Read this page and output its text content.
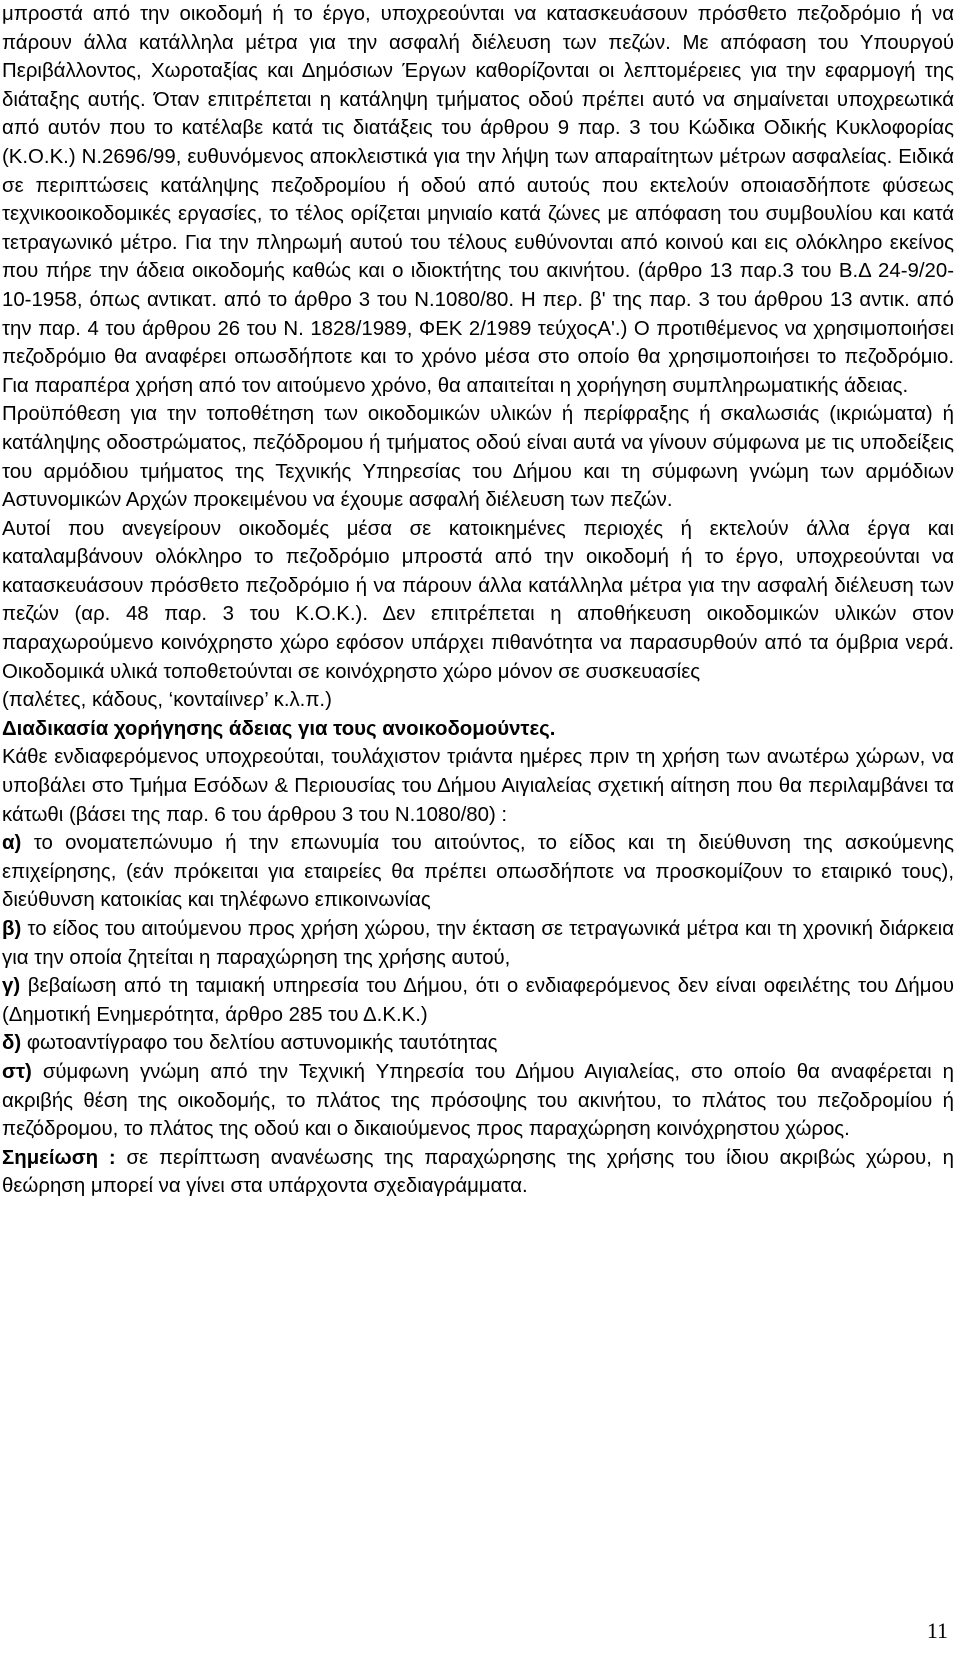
μπροστά από την οικοδομή ή το έργο, υποχρεούνται να κατασκευάσουν πρόσθετο πεζοδρόμιο ή να πάρουν άλλα κατάλληλα μέτρα για την ασφαλή διέλευση των πεζών. Με απόφαση του Υπουργού Περιβάλλοντος, Χωροταξίας και Δημόσιων Έργων καθορίζονται οι λεπτομέρειες για την εφαρμογή της διάταξης αυτής. Όταν επιτρέπεται η κατάληψη τμήματος οδού πρέπει αυτό να σημαίνεται υποχρεωτικά από αυτόν που το κατέλαβε κατά τις διατάξεις του άρθρου 9 παρ. 3 του Κώδικα Οδικής Κυκλοφορίας (Κ.Ο.Κ.) Ν.2696/99, ευθυνόμενος αποκλειστικά για την λήψη των απαραίτητων μέτρων ασφαλείας. Ειδικά σε περιπτώσεις κατάληψης πεζοδρομίου ή οδού από αυτούς που εκτελούν οποιασδήποτε φύσεως τεχνικοοικοδομικές εργασίες, το τέλος ορίζεται μηνιαίο κατά ζώνες με απόφαση του συμβουλίου και κατά τετραγωνικό μέτρο. Για την πληρωμή αυτού του τέλους ευθύνονται από κοινού και εις ολόκληρο εκείνος που πήρε την άδεια οικοδομής καθώς και ο ιδιοκτήτης του ακινήτου. (άρθρο 13 παρ.3 του Β.Δ 24-9/20-10-1958, όπως αντικατ. από το άρθρο 3 του Ν.1080/80. Η περ. β' της παρ. 3 του άρθρου 13 αντικ. από την παρ. 4 του άρθρου 26 του Ν. 1828/1989, ΦΕΚ 2/1989 τεύχοςΑ'.) Ο προτιθέμενος να χρησιμοποιήσει πεζοδρόμιο θα αναφέρει οπωσδήποτε και το χρόνο μέσα στο οποίο θα χρησιμοποιήσει το πεζοδρόμιο. Για παραπέρα χρήση από τον αιτούμενο χρόνο, θα απαιτείται η χορήγηση συμπληρωματικής άδειας.

Προϋπόθεση για την τοποθέτηση των οικοδομικών υλικών ή περίφραξης ή σκαλωσιάς (ικριώματα) ή κατάληψης οδοστρώματος, πεζόδρομου ή τμήματος οδού είναι αυτά να γίνουν σύμφωνα με τις υποδείξεις του αρμόδιου τμήματος της Τεχνικής Υπηρεσίας του Δήμου και τη σύμφωνη γνώμη των αρμόδιων Αστυνομικών Αρχών προκειμένου να έχουμε ασφαλή διέλευση των πεζών.

Αυτοί που ανεγείρουν οικοδομές μέσα σε κατοικημένες περιοχές ή εκτελούν άλλα έργα και καταλαμβάνουν ολόκληρο το πεζοδρόμιο μπροστά από την οικοδομή ή το έργο, υποχρεούνται να κατασκευάσουν πρόσθετο πεζοδρόμιο ή να πάρουν άλλα κατάλληλα μέτρα για την ασφαλή διέλευση των πεζών (αρ. 48 παρ. 3 του Κ.Ο.Κ.). Δεν επιτρέπεται η αποθήκευση οικοδομικών υλικών στον παραχωρούμενο κοινόχρηστο χώρο εφόσον υπάρχει πιθανότητα να παρασυρθούν από τα όμβρια νερά. Οικοδομικά υλικά τοποθετούνται σε κοινόχρηστο χώρο μόνον σε συσκευασίες

(παλέτες, κάδους, ‘κονταίινερ’ κ.λ.π.)

Διαδικασία χορήγησης άδειας για τους ανοικοδομούντες.

Κάθε ενδιαφερόμενος υποχρεούται, τουλάχιστον τριάντα ημέρες πριν τη χρήση των ανωτέρω χώρων, να υποβάλει στο Τμήμα Εσόδων & Περιουσίας του Δήμου Αιγιαλείας σχετική αίτηση που θα περιλαμβάνει τα κάτωθι (βάσει της παρ. 6 του άρθρου 3 του Ν.1080/80) :

α) το ονοματεπώνυμο ή την επωνυμία του αιτούντος, το είδος και τη διεύθυνση της ασκούμενης επιχείρησης, (εάν πρόκειται για εταιρείες θα πρέπει οπωσδήποτε να προσκομίζουν το εταιρικό τους), διεύθυνση κατοικίας και τηλέφωνο επικοινωνίας

β) το είδος του αιτούμενου προς χρήση χώρου, την έκταση σε τετραγωνικά μέτρα και τη χρονική διάρκεια για την οποία ζητείται η παραχώρηση της χρήσης αυτού,

γ) βεβαίωση από τη ταμιακή υπηρεσία του Δήμου, ότι ο ενδιαφερόμενος δεν είναι οφειλέτης του Δήμου (Δημοτική Ενημερότητα, άρθρο 285 του Δ.Κ.Κ.)

δ) φωτοαντίγραφο του δελτίου αστυνομικής ταυτότητας

στ) σύμφωνη γνώμη από την Τεχνική Υπηρεσία του Δήμου Αιγιαλείας, στο οποίο θα αναφέρεται η ακριβής θέση της οικοδομής, το πλάτος της πρόσοψης του ακινήτου, το πλάτος του πεζοδρομίου ή πεζόδρομου, το πλάτος της οδού και ο δικαιούμενος προς παραχώρηση κοινόχρηστου χώρος.

Σημείωση : σε περίπτωση ανανέωσης της παραχώρησης της χρήσης του ίδιου ακριβώς χώρου, η θεώρηση μπορεί να γίνει στα υπάρχοντα σχεδιαγράμματα.

11
